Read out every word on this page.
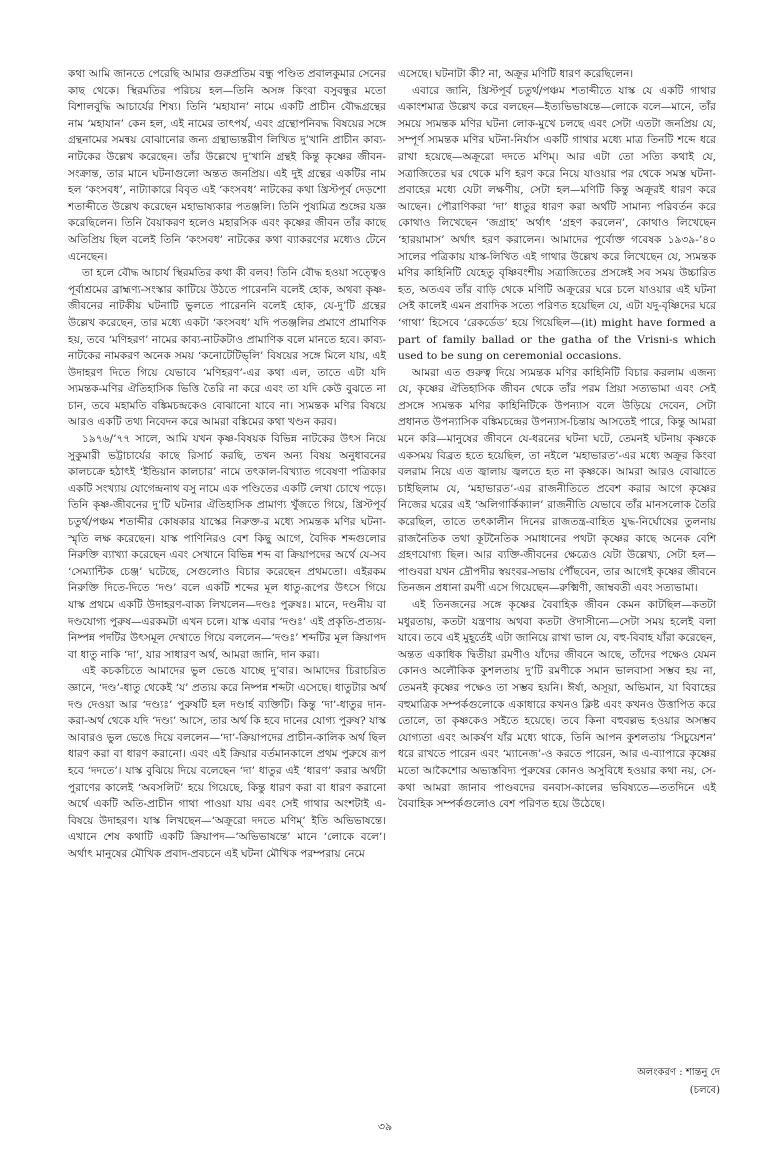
কথা আমি জানতে পেরেছি আমার গুরুপ্রতিম বন্ধু পণ্ডিত প্রবালকুমার সেনের কাছ থেকে। স্থিরমতির পরিচয় হল—তিনি অসঙ্গ কিংবা বসুবন্ধুর মতো বিশালবুদ্ধি আচার্যের শিষ্য। তিনি ‘মহাযান’ নামে একটি প্রাচীন বৌদ্ধগ্রন্থের নাম ‘মহাযান’ কেন হল, এই নামের তাৎপর্য, এবং গ্রন্থোপনিবদ্ধ বিষয়ের সঙ্গে গ্রন্থনামের সমন্বয় বোঝানোর জন্য গ্রন্থাভ্যন্তরীণ লিখিত দু’খানি প্রাচীন কাব্য-নাটকের উল্লেখ করেছেন। তাঁর উল্লেখে দু’খানি গ্রন্থই কিন্তু কৃষ্ণের জীবন-সংক্রান্ত, তার মানে ঘটনাগুলো অন্তত জনপ্রিয়। এই দুই গ্রন্থের একটির নাম হল ‘কংসবধ’, নাট্যাকারে বিবৃত এই ‘কংসবধ’ নাটকের কথা খ্রিস্টপূর্ব দেড়শো শতাব্দীতে উল্লেখ করেছেন মহাভাষ্যকার পতঞ্জলি। তিনি পুষ্যমিত্র শুঙ্গের যজ্ঞ করেছিলেন। তিনি বৈয়াকরণ হলেও মহারসিক এবং কৃষ্ণের জীবন তাঁর কাছে অতিপ্রিয় ছিল বলেই তিনি ‘কংসবধ’ নাটকের কথা ব্যাকরণের মধ্যেও টেনে এনেছেন।

তা হলে বৌদ্ধ আচার্য স্থিরমতির কথা কী বলব! তিনি বৌদ্ধ হওয়া সত্ত্বেও পূর্বাশ্রমের ব্রাহ্মণ্য-সংস্কার কাটিয়ে উঠতে পারেননি বলেই হোক, অথবা কৃষ্ণ-জীবনের নাটকীয় ঘটনাটি ভুলতে পারেননি বলেই হোক, যে-দু’টি গ্রন্থের উল্লেখ করেছেন, তার মধ্যে একটা ‘কংসবধ’ যদি পতঞ্জলির প্রমাণে প্রামাণিক হয়, তবে ‘মণিহরণ’ নামের কাব্য-নাটকটাও প্রামাণিক বলে মানতে হবে। কাব্য-নাটকের নামকরণ অনেক সময় ‘কনোটেটিভ্‌লি’ বিষয়ের সঙ্গে মিলে যায়, এই উদাহরণ দিতে গিয়ে যেভাবে ‘মণিহরণ’-এর কথা এল, তাতে এটা যদি স্যমন্তক-মণির ঐতিহাসিক ভিত্তি তৈরি না করে এবং তা যদি কেউ বুঝতে না চান, তবে মহামতি বঙ্কিমচন্দ্রকেও বোঝানো যাবে না। স্যমন্তক মণির বিষয়ে আরও একটি তথ্য নিবেদন করে আমরা বঙ্কিমের কথা খণ্ডন করব।

১৯৭৬/’৭৭ সালে, আমি যখন কৃষ্ণ-বিষয়ক বিভিন্ন নাটকের উৎস নিয়ে সুকুমারী ভট্টাচার্যের কাছে রিসার্চ করছি, তখন অন্য বিষয় অনুধাবনের কালচক্রে হঠাৎই ‘ইন্ডিয়ান কালচার’ নামে তৎকাল-বিখ্যাত গবেষণা পত্রিকার একটি সংখ্যায় যোগেন্দ্রনাথ বসু নামে এক পণ্ডিতের একটি লেখা চোখে পড়ে। তিনি কৃষ্ণ-জীবনের দু’টি ঘটনার ঐতিহাসিক প্রামাণ্য খুঁজতে গিয়ে, খ্রিস্টপূর্ব চতুর্থ/পঞ্চম শতাব্দীর কোষকার যাস্কের নিরুক্ত-র মধ্যে স্যমন্তক মণির ঘটনা-স্মৃতি লক্ষ করেছেন। যাস্ক পাণিনিরও বেশ কিছু আগে, বৈদিক শব্দগুলোর নিরুক্তি ব্যাখ্যা করেছেন এবং সেখানে বিভিন্ন শব্দ বা ক্রিয়াপদের অর্থে যে-সব ‘সেম্যান্টিক চেঞ্জ’ ঘটেছে, সেগুলোও বিচার করেছেন প্রথমতো। এইরকম নিরুক্তি দিতে-দিতে ‘দণ্ড’ বলে একটি শব্দের মূল ধাতু-রূপের উৎসে গিয়ে যাস্ক প্রথমে একটি উদাহরণ-বাক্য লিখলেন—দণ্ডঃ পুরুষঃ। মানে, দণ্ডনীয় বা দণ্ডযোগ্য পুরুষ—এরকমটা এখন চলে। যাস্ক এবার ‘দণ্ডঃ’ এই প্রকৃতি-প্রত্যয়-নিষ্পন্ন পদটির উৎসমূল দেখাতে গিয়ে বললেন—‘দণ্ডঃ’ শব্দটির মূল ক্রিয়াপদ বা ধাতু নাকি ‘দা’, যার সাধারণ অর্থ, আমরা জানি, দান করা।

এই কচকচিতে আমাদের ভুল ভেঙে যাচ্ছে দু’বার। আমাদের চিরাচরিত জ্ঞানে, ‘দণ্ড’-ধাতু থেকেই ‘য’ প্রত্যয় করে নিষ্পন্ন শব্দটা এসেছে। ধাতুটার অর্থ দণ্ড দেওয়া আর ‘দণ্ড্যঃ’ পুরুষটি হল দণ্ডার্হ ব্যক্তিটি। কিন্তু ‘দা’-ধাতুর দান-করা-অর্থ থেকে যদি ‘দণ্ড্য’ আসে, তার অর্থ কি হবে দানের যোগ্য পুরুষ? যাস্ক আবারও ভুল ভেঙে দিয়ে বললেন—‘দা’-ক্রিয়াপদের প্রাচীন-কালিক অর্থ ছিল ধারণ করা বা ধারণ করানো। এবং এই ক্রিয়ার বর্তমানকালে প্রথম পুরুষে রূপ হবে ‘দদতে’। যাস্ক বুঝিয়ে দিয়ে বলেছেন ‘দা’ ধাতুর এই ‘ধারণ’ করার অর্থটা পুরাণের কালেই ‘অবসলিট’ হয়ে গিয়েছে, কিন্তু ধারণ করা বা ধারণ করানো অর্থে একটি অতি-প্রাচীন গাথা পাওয়া যায় এবং সেই গাথার অংশটাই এ-বিষয়ে উদাহরণ। যাস্ক লিখছেন—‘অক্রূরো দদতে মণিম্‌’ ইতি অভিভাষন্তে। এখানে শেষ কথাটি একটি ক্রিয়াপদ—‘অভিভাষন্তে’ মানে ‘লোকে বলে’। অর্থাৎ মানুষের মৌখিক প্রবাদ-প্রবচনে এই ঘটনা মৌখিক পরম্পরায় নেমে

এসেছে। ঘটনাটা কী? না, অক্রূর মণিটি ধারণ করেছিলেন।

এবারে জানি, খ্রিস্টপূর্ব চতুর্থ/পঞ্চম শতাব্দীতে যাস্ক যে একটি গাথার একাংশমাত্র উল্লেখ করে বলছেন—ইত্যভিভাষন্তে—লোকে বলে—মানে, তাঁর সময়ে স্যমন্তক মণির ঘটনা লোক-মুখে চলছে এবং সেটা এতটা জনপ্রিয় যে, সম্পূর্ণ স্যমন্তক মণির ঘটনা-নির্যাস একটি গাথার মধ্যে মাত্র তিনটি শব্দে ধরে রাখা হয়েছে—অক্রূরো দদতে মণিম্‌। আর এটা তো সত্যি কথাই যে, সত্রাজিতের ঘর থেকে মণি হরণ করে নিয়ে যাওয়ার পর থেকে সমস্ত ঘটনা-প্রবাহের মধ্যে যেটা লক্ষণীয়, সেটা হল—মণিটি কিন্তু অক্রূরই ধারণ করে আছেন। পৌরাণিকরা ‘দা’ ধাতুর ধারণ করা অর্থটি সামান্য পরিবর্তন করে কোথাও লিখেছেন ‘জগ্রাহ’ অর্থাৎ ‘গ্রহণ করলেন’, কোথাও লিখেছেন ‘হারয়ামাস’ অর্থাৎ হরণ করালেন। আমাদের পূর্বোক্ত গবেষক ১৯৩৯-’৪০ সালের পত্রিকায় যাস্ক-লিখিত এই গাথার উল্লেখ করে লিখেছেন যে, স্যমন্তক মণির কাহিনিটি যেহেতু বৃষ্ণিবংশীয় সত্রাজিতের প্রসঙ্গেই সব সময় উচ্চারিত হত, অতএব তাঁর বাড়ি থেকে মণিটি অক্রূরের ঘরে চলে যাওয়ার এই ঘটনা সেই কালেই এমন প্রবাদিক সত্যে পরিণত হয়েছিল যে, এটা যদু-বৃষ্ণিদের ঘরে ‘গাথা’ হিসেবে ‘রেকর্ডেড’ হয়ে গিয়েছিল—(it) might have formed a part of family ballad or the gatha of the Vrisni-s which used to be sung on ceremonial occasions.

আমরা এত গুরুত্ব দিয়ে স্যমন্তক মণির কাহিনিটি বিচার করলাম এজন্য যে, কৃষ্ণের ঐতিহাসিক জীবন থেকে তাঁর পরম প্রিয়া সত্যভামা এবং সেই প্রসঙ্গে স্যমন্তক মণির কাহিনিটিকে উপন্যাস বলে উড়িয়ে দেবেন, সেটা প্রধানত উপন্যাসিক বঙ্কিমচন্দ্রের উপন্যাস-চিন্তায় আসতেই পারে, কিন্তু আমরা মনে করি—মানুষের জীবনে যে-ধরনের ঘটনা ঘটে, তেমনই ঘটনায় কৃষ্ণকে একসময় বিব্রত হতে হয়েছিল, তা নইলে ‘মহাভারত’-এর মধ্যে অক্রূর কিংবা বলরাম নিয়ে এত জ্বালায় জ্বলতে হত না কৃষ্ণকে। আমরা আরও বোঝাতে চাইছিলাম যে, ‘মহাভারত’-এর রাজনীতিতে প্রবেশ করার আগে কৃষ্ণের নিজের ঘরের এই ‘অলিগার্কিক্যাল’ রাজনীতি যেভাবে তাঁর মানসলোক তৈরি করেছিল, তাতে তৎকালীন দিনের রাজতন্ত্র-বাহিত যুদ্ধ-নির্ঘোষের তুলনায় রাজনৈতিক তথা কূটনৈতিক সমাধানের পথটা কৃষ্ণের কাছে অনেক বেশি গ্রহণযোগ্য ছিল। আর ব্যক্তি-জীবনের ক্ষেত্রেও যেটা উল্লেখ্য, সেটা হল—পাণ্ডবরা যখন দ্রৌপদীর স্বয়ংবর-সভায় পৌঁছবেন, তার আগেই কৃষ্ণের জীবনে তিনজন প্রধানা রমণী এসে গিয়েছেন—রুক্মিণী, জাম্ববতী এবং সত্যভামা।

এই তিনজনের সঙ্গে কৃষ্ণের বৈবাহিক জীবন কেমন কাটছিল—কতটা মধুরতায়, কতটা যন্ত্রণায় অথবা কতটা ঔদাসীন্যে—সেটা সময় হলেই বলা যাবে। তবে এই মুহূর্তেই এটা জানিয়ে রাখা ভাল যে, বহু-বিবাহ যাঁরা করেছেন, অন্তত একাধিক দ্বিতীয়া রমণীও যাঁদের জীবনে আছে, তাঁদের পক্ষেও যেমন কোনও অলৌকিক কুশলতায় দু’টি রমণীকে সমান ভালবাসা সম্ভব হয় না, তেমনই কৃষ্ণের পক্ষেও তা সম্ভব হয়নি। ঈর্ষা, অসূয়া, অভিমান, যা বিবাহের বহুমাত্রিক সম্পর্কগুলোকে একাধারে কখনও ক্লিষ্ট এবং কখনও উত্তাপিত করে তোলে, তা কৃষ্ণকেও সইতে হয়েছে। তবে কিনা বহুবল্লভ হওয়ার অসম্ভব যোগ্যতা এবং আকর্ষণ যাঁর মধ্যে থাকে, তিনি আপন কুশলতায় ‘সিচুয়েশন’ ধরে রাখতে পারেন এবং ‘ম্যানেজ’-ও করতে পারেন, আর এ-ব্যাপারে কৃষ্ণের মতো আকৈশোর অভ্যস্তবিদ্য পুরুষের কোনও অসুবিধে হওয়ার কথা নয়, সে-কথা আমরা জানাব পাণ্ডবদের বনবাস-কালের ভবিষ্যতে—ততদিনে এই বৈবাহিক সম্পর্কগুলোও বেশ পরিণত হয়ে উঠেছে।

অলংকরণ : শান্তনু দে
(চলবে)
৩৯
